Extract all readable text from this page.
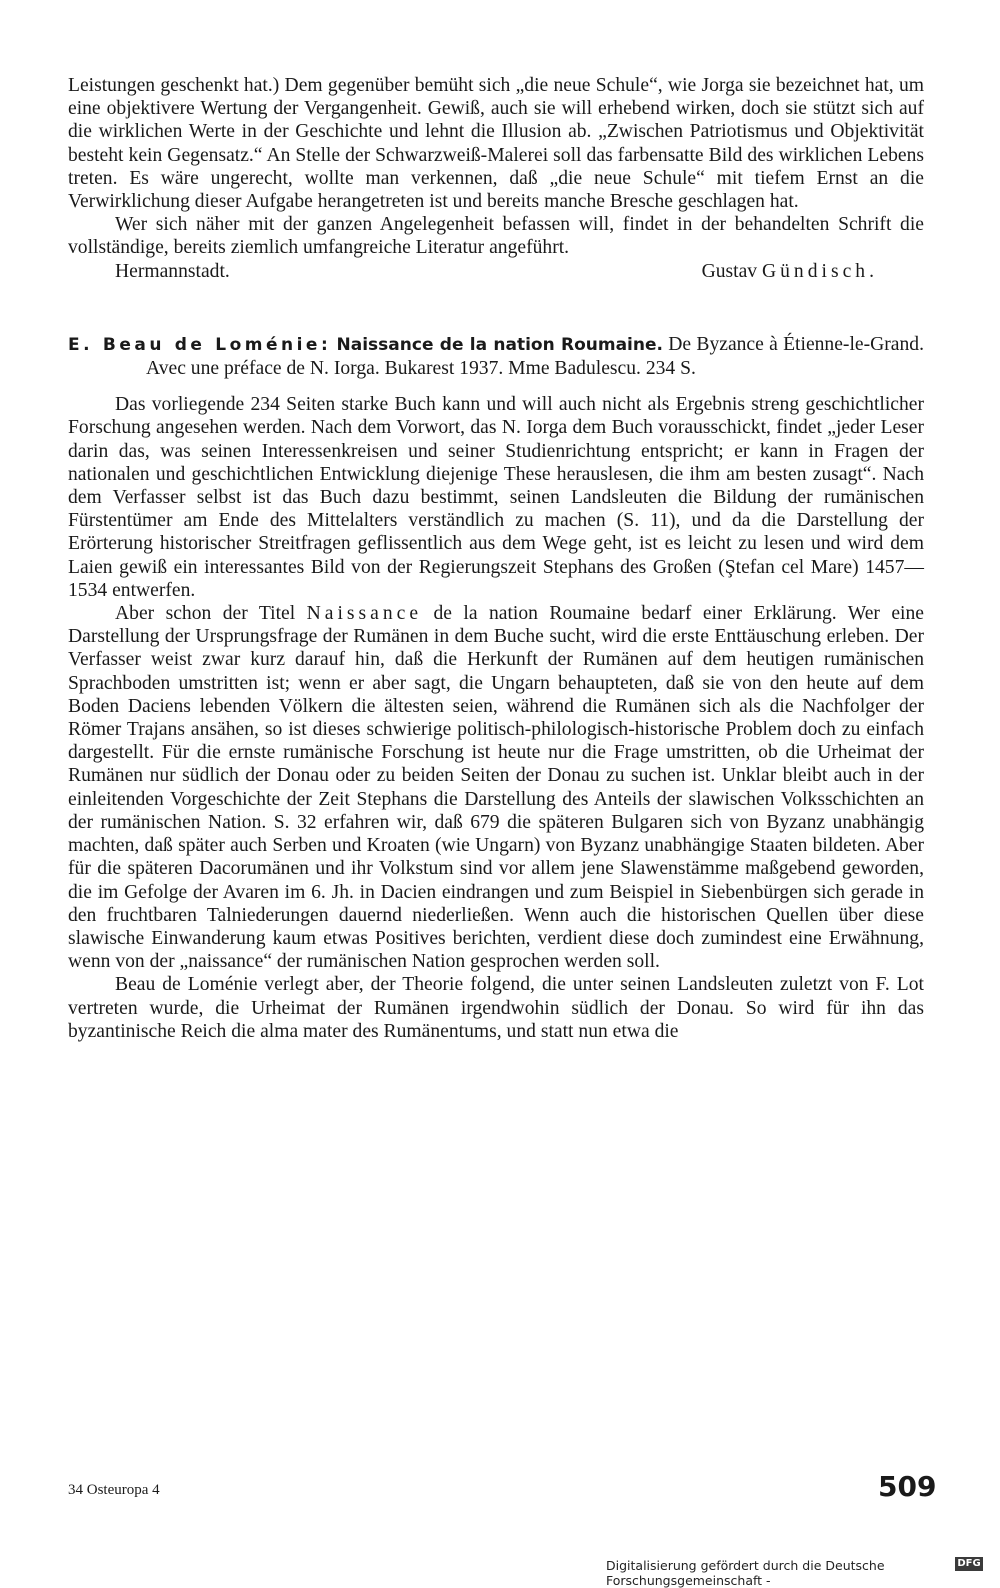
Leistungen geschenkt hat.) Dem gegenüber bemüht sich „die neue Schule“, wie Jorga sie bezeichnet hat, um eine objektivere Wertung der Vergangenheit. Gewiß, auch sie will erhebend wirken, doch sie stützt sich auf die wirklichen Werte in der Geschichte und lehnt die Illusion ab. „Zwischen Patriotismus und Objektivität besteht kein Gegensatz.“ An Stelle der Schwarzweiß-Malerei soll das farbensatte Bild des wirklichen Lebens treten. Es wäre ungerecht, wollte man verkennen, daß „die neue Schule“ mit tiefem Ernst an die Verwirklichung dieser Aufgabe herangetreten ist und bereits manche Bresche geschlagen hat.

Wer sich näher mit der ganzen Angelegenheit befassen will, findet in der behandelten Schrift die vollständige, bereits ziemlich umfangreiche Literatur angeführt.

Hermannstadt.	Gustav Gündisch.

E. Beau de Loménie: Naissance de la nation Roumaine. De Byzance à Étienne-le-Grand. Avec une préface de N. Iorga. Bukarest 1937. Mme Badulescu. 234 S.

Das vorliegende 234 Seiten starke Buch kann und will auch nicht als Ergebnis streng geschichtlicher Forschung angesehen werden. Nach dem Vorwort, das N. Iorga dem Buch vorausschickt, findet „jeder Leser darin das, was seinen Interessenkreisen und seiner Studienrichtung entspricht; er kann in Fragen der nationalen und geschichtlichen Entwicklung diejenige These herauslesen, die ihm am besten zusagt“. Nach dem Verfasser selbst ist das Buch dazu bestimmt, seinen Landsleuten die Bildung der rumänischen Fürstentümer am Ende des Mittelalters verständlich zu machen (S. 11), und da die Darstellung der Erörterung historischer Streitfragen geflissentlich aus dem Wege geht, ist es leicht zu lesen und wird dem Laien gewiß ein interessantes Bild von der Regierungszeit Stephans des Großen (Ştefan cel Mare) 1457—1534 entwerfen.

Aber schon der Titel Naissance de la nation Roumaine bedarf einer Erklärung. Wer eine Darstellung der Ursprungsfrage der Rumänen in dem Buche sucht, wird die erste Enttäuschung erleben. Der Verfasser weist zwar kurz darauf hin, daß die Herkunft der Rumänen auf dem heutigen rumänischen Sprachboden umstritten ist; wenn er aber sagt, die Ungarn behaupteten, daß sie von den heute auf dem Boden Daciens lebenden Völkern die ältesten seien, während die Rumänen sich als die Nachfolger der Römer Trajans ansähen, so ist dieses schwierige politisch-philologisch-historische Problem doch zu einfach dargestellt. Für die ernste rumänische Forschung ist heute nur die Frage umstritten, ob die Urheimat der Rumänen nur südlich der Donau oder zu beiden Seiten der Donau zu suchen ist. Unklar bleibt auch in der einleitenden Vorgeschichte der Zeit Stephans die Darstellung des Anteils der slawischen Volksschichten an der rumänischen Nation. S. 32 erfahren wir, daß 679 die späteren Bulgaren sich von Byzanz unabhängig machten, daß später auch Serben und Kroaten (wie Ungarn) von Byzanz unabhängige Staaten bildeten. Aber für die späteren Dacorumänen und ihr Volkstum sind vor allem jene Slawenstämme maßgebend geworden, die im Gefolge der Avaren im 6. Jh. in Dacien eindrangen und zum Beispiel in Siebenbürgen sich gerade in den fruchtbaren Talniederungen dauernd niederließen. Wenn auch die historischen Quellen über diese slawische Einwanderung kaum etwas Positives berichten, verdient diese doch zumindest eine Erwähnung, wenn von der „naissance“ der rumänischen Nation gesprochen werden soll.

Beau de Loménie verlegt aber, der Theorie folgend, die unter seinen Landsleuten zuletzt von F. Lot vertreten wurde, die Urheimat der Rumänen irgendwohin südlich der Donau. So wird für ihn das byzantinische Reich die alma mater des Rumänentums, und statt nun etwa die

34 Osteuropa 4	509
Digitalisierung gefördert durch die Deutsche Forschungsgemeinschaft -
DFG
